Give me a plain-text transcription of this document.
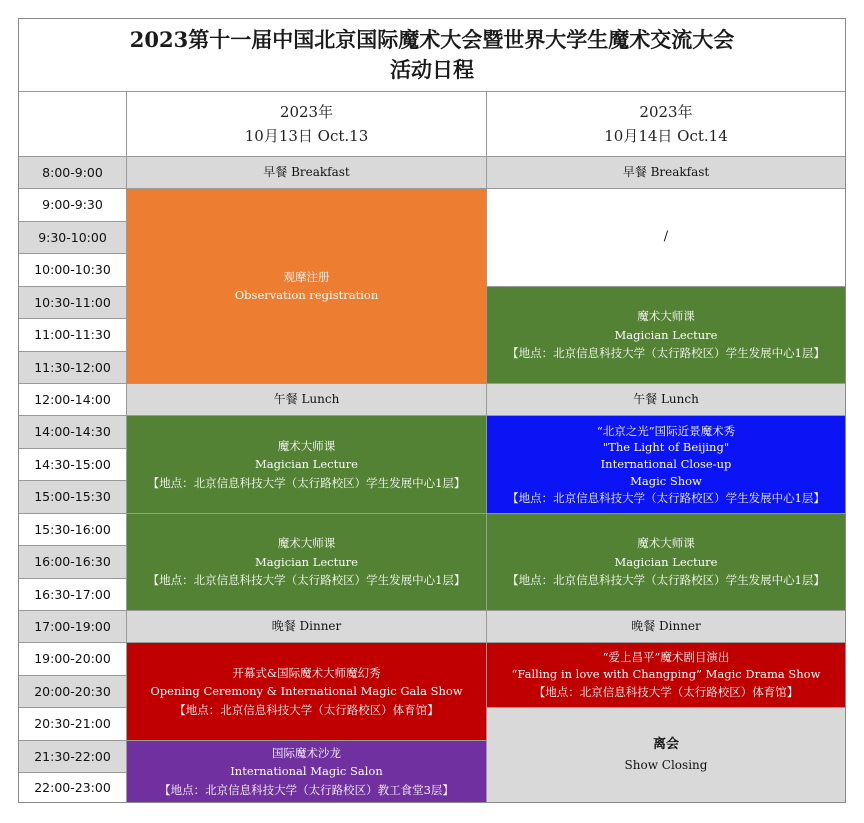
2023第十一届中国北京国际魔术大会暨世界大学生魔术交流大会
活动日程
2023年
10月13日 Oct.13
2023年
10月14日 Oct.14
8:00-9:00
9:00-9:30
9:30-10:00
10:00-10:30
10:30-11:00
11:00-11:30
11:30-12:00
12:00-14:00
14:00-14:30
14:30-15:00
15:00-15:30
15:30-16:00
16:00-16:30
16:30-17:00
17:00-19:00
19:00-20:00
20:00-20:30
20:30-21:00
21:30-22:00
22:00-23:00
早餐 Breakfast
观摩注册
Observation registration
午餐 Lunch
魔术大师课
Magician Lecture
【地点：北京信息科技大学（太行路校区）学生发展中心1层】
魔术大师课
Magician Lecture
【地点：北京信息科技大学（太行路校区）学生发展中心1层】
晚餐 Dinner
开幕式&国际魔术大师魔幻秀
Opening Ceremony & International Magic Gala Show
【地点：北京信息科技大学（太行路校区）体育馆】
国际魔术沙龙
International Magic Salon
【地点：北京信息科技大学（太行路校区）教工食堂3层】
早餐 Breakfast
/
魔术大师课
Magician Lecture
【地点：北京信息科技大学（太行路校区）学生发展中心1层】
午餐 Lunch
“北京之光”国际近景魔术秀
"The Light of Beijing"
International Close-up
Magic Show
【地点：北京信息科技大学（太行路校区）学生发展中心1层】
魔术大师课
Magician Lecture
【地点：北京信息科技大学（太行路校区）学生发展中心1层】
晚餐 Dinner
“爱上昌平”魔术剧目演出
“Falling in love with Changping” Magic Drama Show
【地点：北京信息科技大学（太行路校区）体育馆】
离会
Show Closing
